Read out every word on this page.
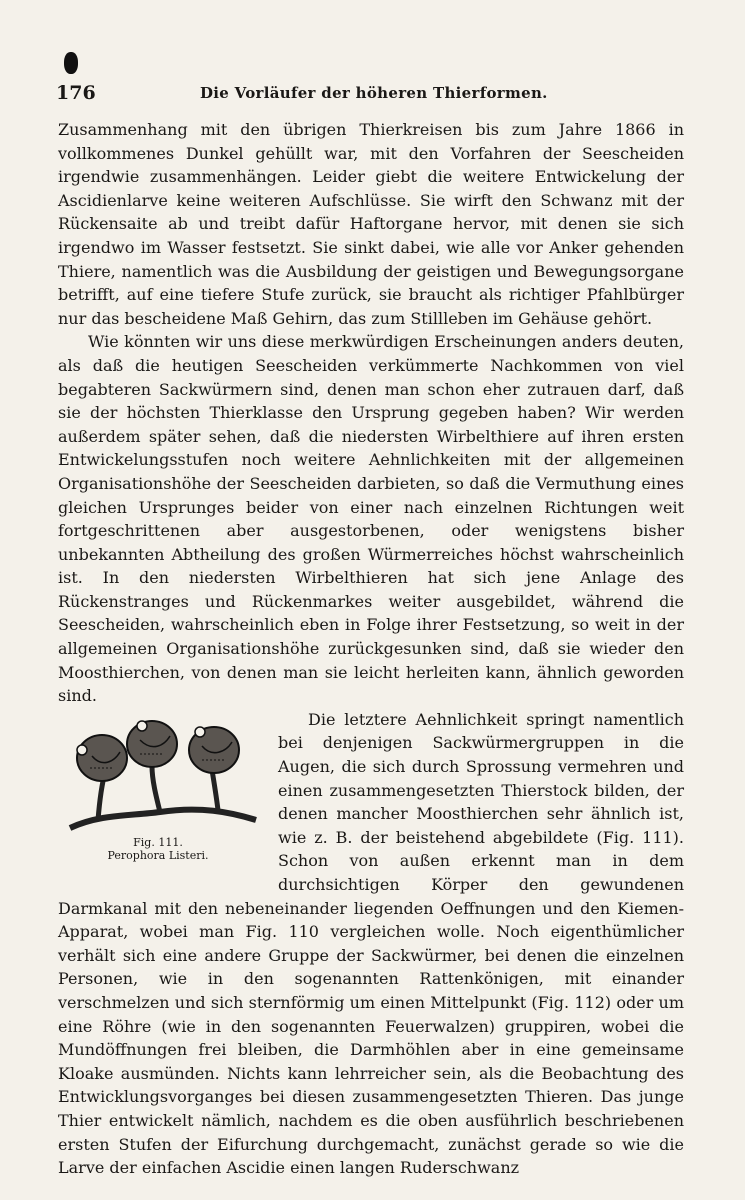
176	Die Vorläufer der höheren Thierformen.

Zusammenhang mit den übrigen Thierkreisen bis zum Jahre 1866 in vollkommenes Dunkel gehüllt war, mit den Vorfahren der Seescheiden irgendwie zusammenhängen. Leider giebt die weitere Entwickelung der Ascidienlarve keine weiteren Aufschlüsse. Sie wirft den Schwanz mit der Rückensaite ab und treibt dafür Haftorgane hervor, mit denen sie sich irgendwo im Wasser festsetzt. Sie sinkt dabei, wie alle vor Anker gehenden Thiere, namentlich was die Ausbildung der geistigen und Bewegungsorgane betrifft, auf eine tiefere Stufe zurück, sie braucht als richtiger Pfahlbürger nur das bescheidene Maß Gehirn, das zum Stillleben im Gehäuse gehört.

Wie könnten wir uns diese merkwürdigen Erscheinungen anders deuten, als daß die heutigen Seescheiden verkümmerte Nachkommen von viel begabteren Sackwürmern sind, denen man schon eher zutrauen darf, daß sie der höchsten Thierklasse den Ursprung gegeben haben? Wir werden außerdem später sehen, daß die niedersten Wirbelthiere auf ihren ersten Entwickelungsstufen noch weitere Aehnlichkeiten mit der allgemeinen Organisationshöhe der Seescheiden darbieten, so daß die Vermuthung eines gleichen Ursprunges beider von einer nach einzelnen Richtungen weit fortgeschrittenen aber ausgestorbenen, oder wenigstens bisher unbekannten Abtheilung des großen Würmerreiches höchst wahrscheinlich ist. In den niedersten Wirbelthieren hat sich jene Anlage des Rückenstranges und Rückenmarkes weiter ausgebildet, während die Seescheiden, wahrscheinlich eben in Folge ihrer Festsetzung, so weit in der allgemeinen Organisationshöhe zurückgesunken sind, daß sie wieder den Moosthierchen, von denen man sie leicht herleiten kann, ähnlich geworden sind.

Fig. 111.
Perophora Listeri.

Die letztere Aehnlichkeit springt namentlich bei denjenigen Sackwürmergruppen in die Augen, die sich durch Sprossung vermehren und einen zusammengesetzten Thierstock bilden, der denen mancher Moosthierchen sehr ähnlich ist, wie z. B. der beistehend abgebildete (Fig. 111). Schon von außen erkennt man in dem durchsichtigen Körper den gewundenen Darmkanal mit den nebeneinander liegenden Oeffnungen und den Kiemen-Apparat, wobei man Fig. 110 vergleichen wolle. Noch eigenthümlicher verhält sich eine andere Gruppe der Sackwürmer, bei denen die einzelnen Personen, wie in den sogenannten Rattenkönigen, mit einander verschmelzen und sich sternförmig um einen Mittelpunkt (Fig. 112) oder um eine Röhre (wie in den sogenannten Feuerwalzen) gruppiren, wobei die Mundöffnungen frei bleiben, die Darmhöhlen aber in eine gemeinsame Kloake ausmünden. Nichts kann lehrreicher sein, als die Beobachtung des Entwicklungsvorganges bei diesen zusammengesetzten Thieren. Das junge Thier entwickelt nämlich, nachdem es die oben ausführlich beschriebenen ersten Stufen der Eifurchung durchgemacht, zunächst gerade so wie die Larve der einfachen Ascidie einen langen Ruderschwanz
